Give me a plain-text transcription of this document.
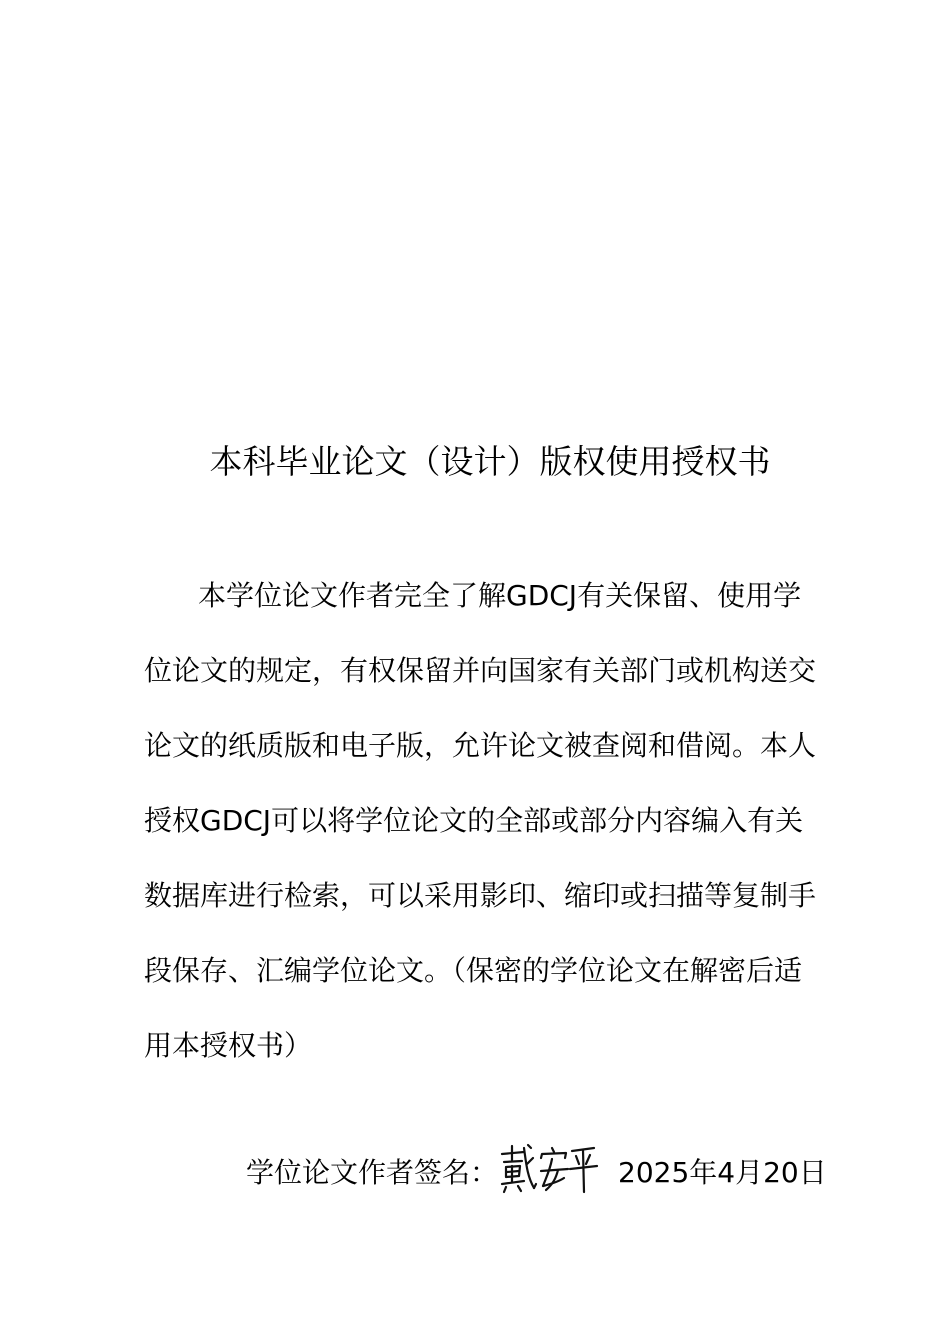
本科毕业论文（设计）版权使用授权书
本学位论文作者完全了解GDCJ有关保留、使用学
位论文的规定，有权保留并向国家有关部门或机构送交
论文的纸质版和电子版，允许论文被查阅和借阅。本人
授权GDCJ可以将学位论文的全部或部分内容编入有关
数据库进行检索，可以采用影印、缩印或扫描等复制手
段保存、汇编学位论文。（保密的学位论文在解密后适
用本授权书）
学位论文作者签名：	2025年4月20日
